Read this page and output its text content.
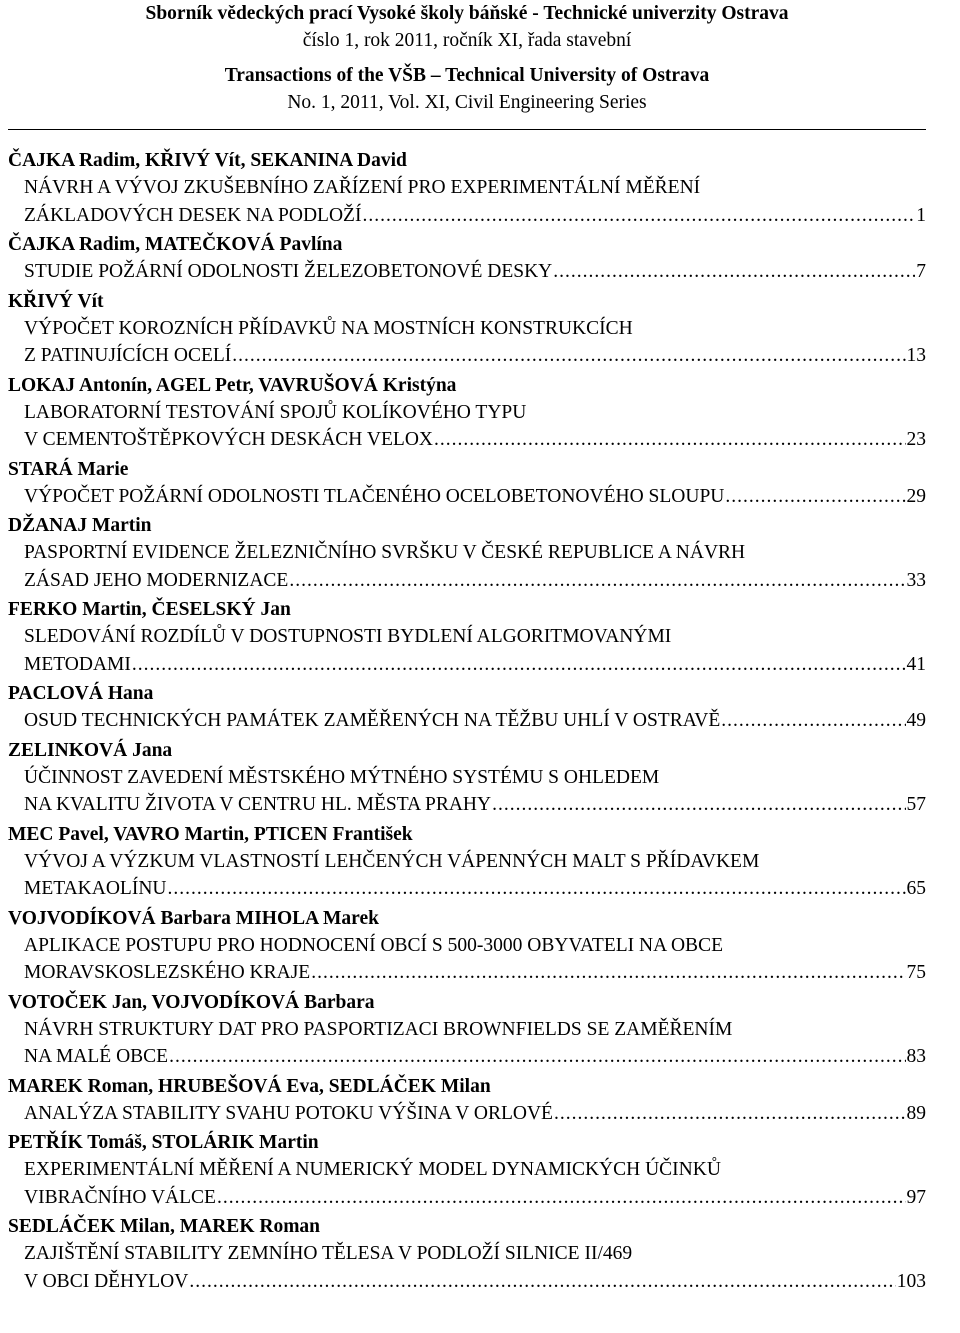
Sborník vědeckých prací Vysoké školy báňské - Technické univerzity Ostrava
číslo 1, rok 2011, ročník XI, řada stavební
Transactions of the VŠB – Technical University of Ostrava
No. 1, 2011, Vol. XI, Civil Engineering Series
ČAJKA Radim, KŘIVÝ Vít, SEKANINA David
NÁVRH A VÝVOJ ZKUŠEBNÍHO ZAŘÍZENÍ PRO EXPERIMENTÁLNÍ MĚŘENÍ
ZÁKLADOVÝCH DESEK NA PODLOŽÍ .....	1
ČAJKA Radim, MATEČKOVÁ Pavlína
STUDIE POŽÁRNÍ ODOLNOSTI ŽELEZOBETONOVÉ DESKY .....	7
KŘIVÝ Vít
VÝPOČET KOROZNÍCH PŘÍDAVKŮ NA MOSTNÍCH KONSTRUKCÍCH
Z PATINUJÍCÍCH OCELÍ .....	13
LOKAJ Antonín, AGEL Petr, VAVRUŠOVÁ Kristýna
LABORATORNÍ TESTOVÁNÍ SPOJŮ KOLÍKOVÉHO TYPU
V CEMENTOŠTĚPKOVÝCH DESKÁCH VELOX .....	23
STARÁ Marie
VÝPOČET POŽÁRNÍ ODOLNOSTI TLAČENÉHO OCELOBETONOVÉHO SLOUPU .....	29
DŽANAJ Martin
PASPORTNÍ EVIDENCE ŽELEZNIČNÍHO SVRŠKU V ČESKÉ REPUBLICE A NÁVRH
ZÁSAD JEHO MODERNIZACE .....	33
FERKO Martin, ČESELSKÝ Jan
SLEDOVÁNÍ ROZDÍLŮ V DOSTUPNOSTI BYDLENÍ ALGORITMOVANÝMI
METODAMI .....	41
PACLOVÁ Hana
OSUD TECHNICKÝCH PAMÁTEK ZAMĚŘENÝCH NA TĚŽBU UHLÍ V OSTRAVĚ .....	49
ZELINKOVÁ Jana
ÚČINNOST ZAVEDENÍ MĚSTSKÉHO MÝTNÉHO SYSTÉMU S OHLEDEM
NA KVALITU ŽIVOTA V CENTRU HL. MĚSTA PRAHY .....	57
MEC Pavel, VAVRO Martin, PTICEN František
VÝVOJ A VÝZKUM VLASTNOSTÍ LEHČENÝCH VÁPENNÝCH MALT S PŘÍDAVKEM
METAKAOLÍNU .....	65
VOJVODÍKOVÁ Barbara MIHOLA Marek
APLIKACE POSTUPU PRO HODNOCENÍ OBCÍ S 500-3000 OBYVATELI NA OBCE
MORAVSKOSLEZSKÉHO KRAJE .....	75
VOTOČEK Jan, VOJVODÍKOVÁ Barbara
NÁVRH STRUKTURY DAT PRO PASPORTIZACI BROWNFIELDS SE ZAMĚŘENÍM
NA MALÉ OBCE .....	83
MAREK Roman, HRUBEŠOVÁ Eva, SEDLÁČEK Milan
ANALÝZA STABILITY SVAHU POTOKU VÝŠINA V ORLOVÉ .....	89
PETŘÍK Tomáš, STOLÁRIK Martin
EXPERIMENTÁLNÍ MĚŘENÍ A NUMERICKÝ MODEL DYNAMICKÝCH ÚČINKŮ
VIBRAČNÍHO VÁLCE .....	97
SEDLÁČEK Milan, MAREK Roman
ZAJIŠTĚNÍ STABILITY ZEMNÍHO TĚLESA V PODLOŽÍ SILNICE II/469
V OBCI DĚHYLOV .....	103
